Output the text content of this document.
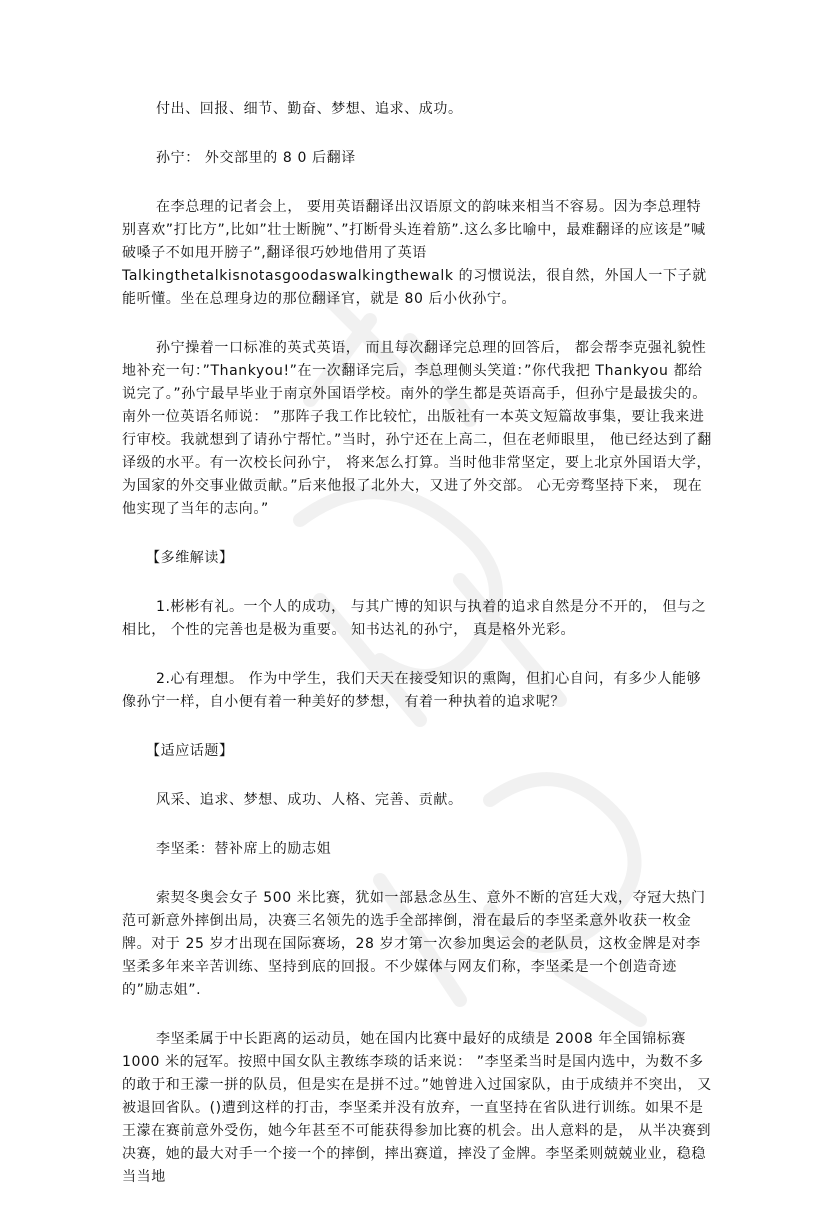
付出、回报、细节、勤奋、梦想、追求、成功。

孙宁： 外交部里的 8 0 后翻译

在李总理的记者会上， 要用英语翻译出汉语原文的韵味来相当不容易。因为李总理特别喜欢”打比方”,比如”壮士断腕”、”打断骨头连着筋”.这么多比喻中，最难翻译的应该是”喊破嗓子不如甩开膀子”,翻译很巧妙地借用了英语 Talkingthetalkisnotasgoodaswalkingthewalk 的习惯说法，很自然，外国人一下子就能听懂。坐在总理身边的那位翻译官，就是 80 后小伙孙宁。

孙宁操着一口标准的英式英语， 而且每次翻译完总理的回答后， 都会帮李克强礼貌性地补充一句：”Thankyou!”在一次翻译完后，李总理侧头笑道：”你代我把 Thankyou 都给说完了。”孙宁最早毕业于南京外国语学校。南外的学生都是英语高手，但孙宁是最拔尖的。 南外一位英语名师说： ”那阵子我工作比较忙，出版社有一本英文短篇故事集，要让我来进行审校。我就想到了请孙宁帮忙。”当时，孙宁还在上高二，但在老师眼里， 他已经达到了翻译级的水平。有一次校长问孙宁， 将来怎么打算。当时他非常坚定，要上北京外国语大学，为国家的外交事业做贡献。”后来他报了北外大，又进了外交部。 心无旁骛坚持下来， 现在他实现了当年的志向。”

【多维解读】

1.彬彬有礼。一个人的成功， 与其广博的知识与执着的追求自然是分不开的， 但与之相比， 个性的完善也是极为重要。 知书达礼的孙宁， 真是格外光彩。

2.心有理想。 作为中学生，我们天天在接受知识的熏陶，但扪心自问，有多少人能够像孙宁一样，自小便有着一种美好的梦想， 有着一种执着的追求呢？

【适应话题】

风采、追求、梦想、成功、人格、完善、贡献。

李坚柔：替补席上的励志姐

索契冬奥会女子 500 米比赛，犹如一部悬念丛生、意外不断的宫廷大戏，夺冠大热门范可新意外摔倒出局，决赛三名领先的选手全部摔倒，滑在最后的李坚柔意外收获一枚金牌。对于 25 岁才出现在国际赛场，28 岁才第一次参加奥运会的老队员，这枚金牌是对李坚柔多年来辛苦训练、坚持到底的回报。不少媒体与网友们称，李坚柔是一个创造奇迹的”励志姐”.

李坚柔属于中长距离的运动员，她在国内比赛中最好的成绩是 2008 年全国锦标赛 1000 米的冠军。按照中国女队主教练李琰的话来说： ”李坚柔当时是国内选中，为数不多的敢于和王濛一拼的队员，但是实在是拼不过。”她曾进入过国家队，由于成绩并不突出， 又被退回省队。()遭到这样的打击，李坚柔并没有放弃，一直坚持在省队进行训练。如果不是王濛在赛前意外受伤，她今年甚至不可能获得参加比赛的机会。出人意料的是， 从半决赛到决赛，她的最大对手一个接一个的摔倒，摔出赛道，摔没了金牌。李坚柔则兢兢业业，稳稳当当地
